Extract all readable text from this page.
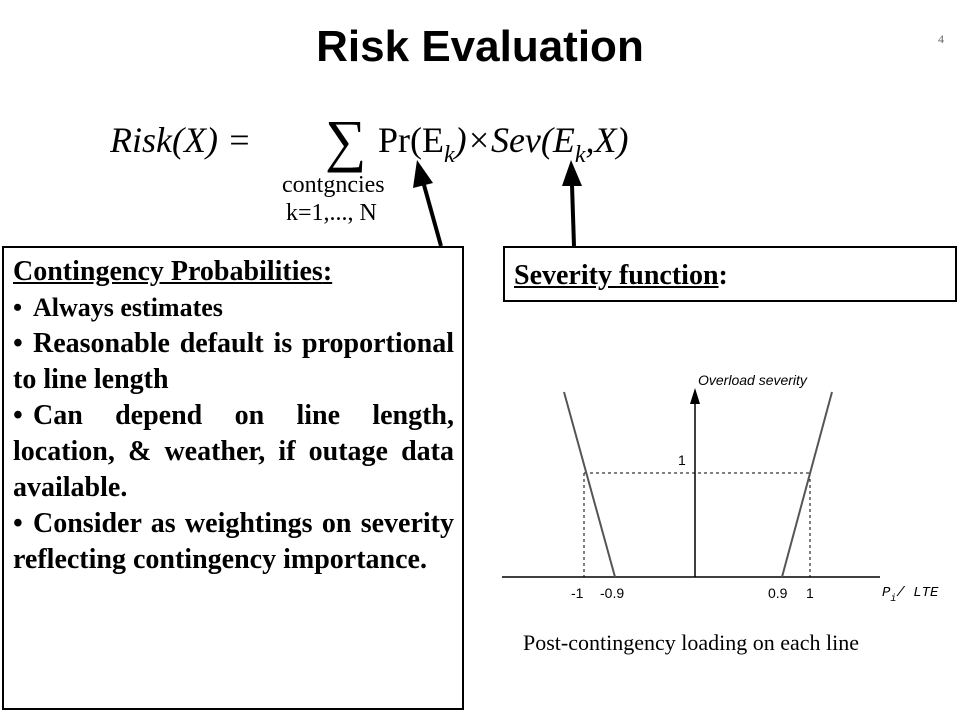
Risk Evaluation	4
Risk(X) = ∑
contgncies
k=1,..., N
$Pr(E_k)\times Sev(E_k,X)$
Contingency Probabilities:
• Always estimates
• Reasonable default is proportional to line length
• Can depend on line length, location, & weather, if outage data available.
• Consider as weightings on severity reflecting contingency importance.
Severity function:
Overload severity
1
-1 -0.9	0.9 1	$P_i/$ LTE
Post-contingency loading on each line
